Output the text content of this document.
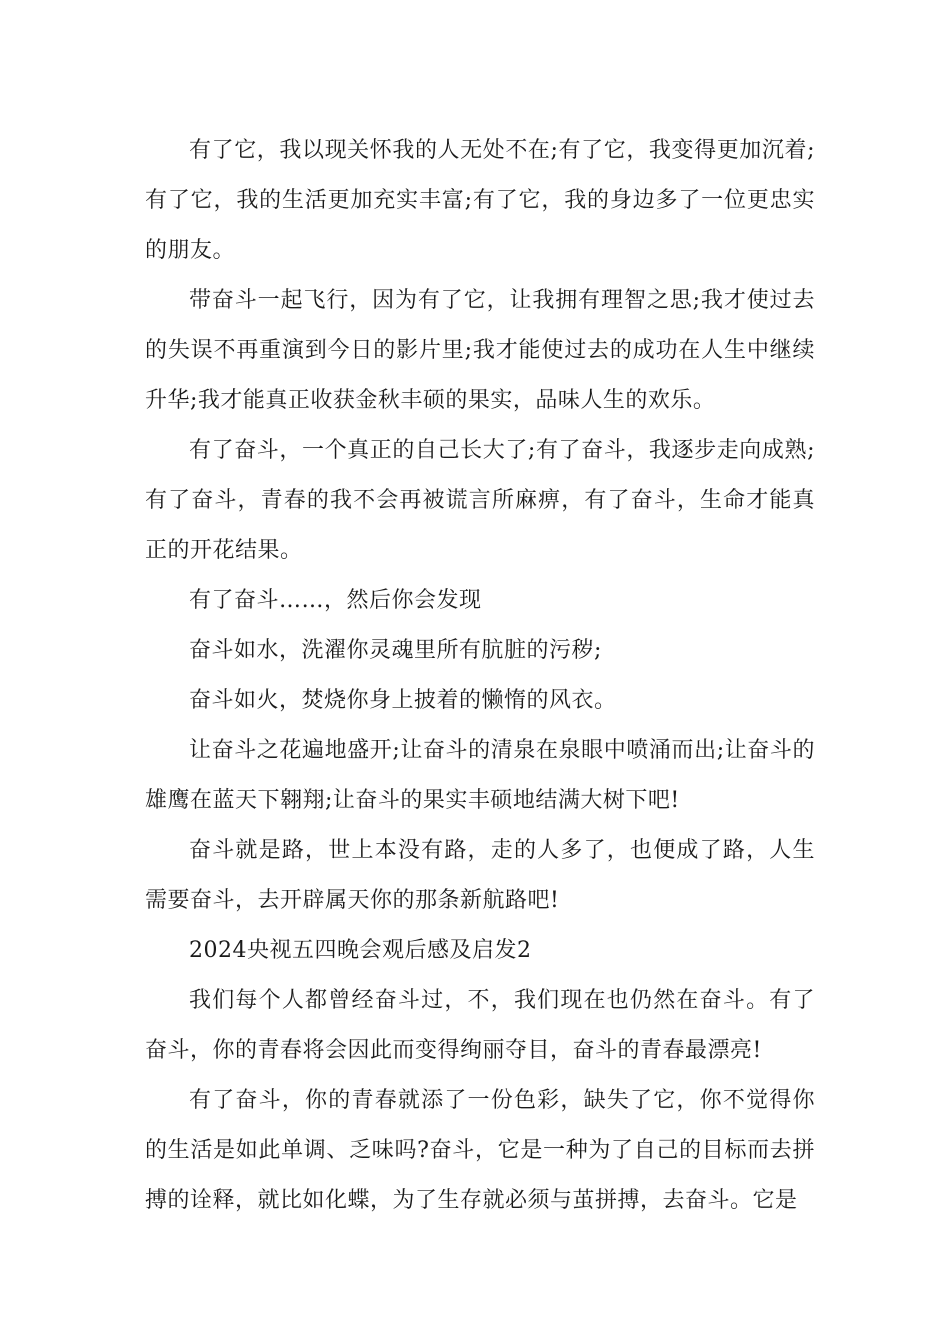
有了它，我以现关怀我的人无处不在;有了它，我变得更加沉着;有了它，我的生活更加充实丰富;有了它，我的身边多了一位更忠实的朋友。

带奋斗一起飞行，因为有了它，让我拥有理智之思;我才使过去的失误不再重演到今日的影片里;我才能使过去的成功在人生中继续升华;我才能真正收获金秋丰硕的果实，品味人生的欢乐。

有了奋斗，一个真正的自己长大了;有了奋斗，我逐步走向成熟;有了奋斗，青春的我不会再被谎言所麻痹，有了奋斗，生命才能真正的开花结果。

有了奋斗……，然后你会发现

奋斗如水，洗濯你灵魂里所有肮脏的污秽;

奋斗如火，焚烧你身上披着的懒惰的风衣。

让奋斗之花遍地盛开;让奋斗的清泉在泉眼中喷涌而出;让奋斗的雄鹰在蓝天下翱翔;让奋斗的果实丰硕地结满大树下吧!

奋斗就是路，世上本没有路，走的人多了，也便成了路，人生需要奋斗，去开辟属天你的那条新航路吧!

2024央视五四晚会观后感及启发2

我们每个人都曾经奋斗过，不，我们现在也仍然在奋斗。有了奋斗，你的青春将会因此而变得绚丽夺目，奋斗的青春最漂亮!

有了奋斗，你的青春就添了一份色彩，缺失了它，你不觉得你的生活是如此单调、乏味吗?奋斗，它是一种为了自己的目标而去拼搏的诠释，就比如化蝶，为了生存就必须与茧拼搏，去奋斗。它是
